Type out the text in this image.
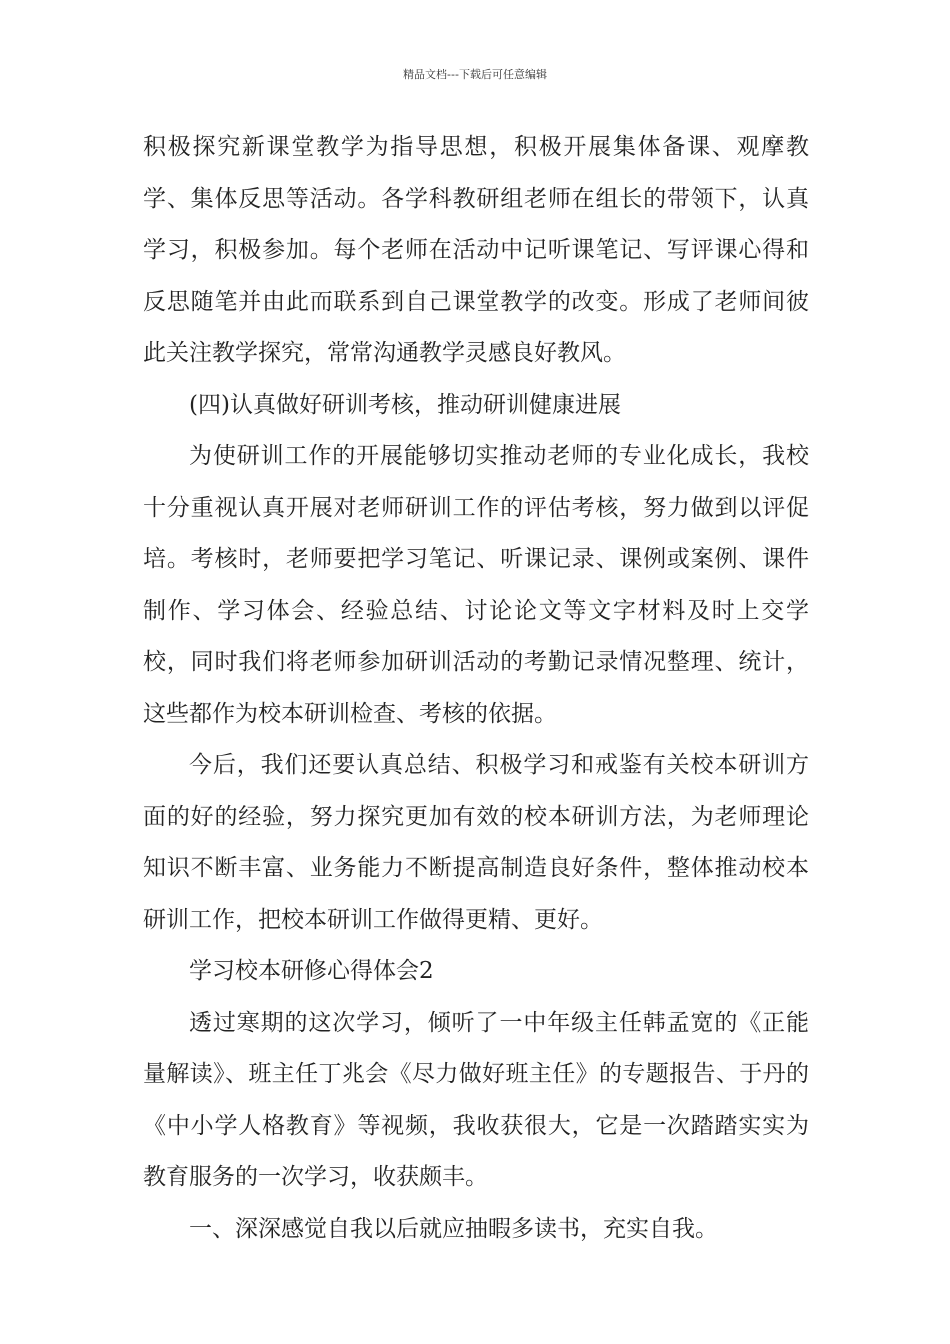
精品文档---下载后可任意编辑

积极探究新课堂教学为指导思想，积极开展集体备课、观摩教学、集体反思等活动。各学科教研组老师在组长的带领下，认真学习，积极参加。每个老师在活动中记听课笔记、写评课心得和反思随笔并由此而联系到自己课堂教学的改变。形成了老师间彼此关注教学探究，常常沟通教学灵感良好教风。

(四)认真做好研训考核，推动研训健康进展

为使研训工作的开展能够切实推动老师的专业化成长，我校十分重视认真开展对老师研训工作的评估考核，努力做到以评促培。考核时，老师要把学习笔记、听课记录、课例或案例、课件制作、学习体会、经验总结、讨论论文等文字材料及时上交学校，同时我们将老师参加研训活动的考勤记录情况整理、统计，这些都作为校本研训检查、考核的依据。

今后，我们还要认真总结、积极学习和戒鉴有关校本研训方面的好的经验，努力探究更加有效的校本研训方法，为老师理论知识不断丰富、业务能力不断提高制造良好条件，整体推动校本研训工作，把校本研训工作做得更精、更好。

学习校本研修心得体会2

透过寒期的这次学习，倾听了一中年级主任韩孟宽的《正能量解读》、班主任丁兆会《尽力做好班主任》的专题报告、于丹的《中小学人格教育》等视频，我收获很大，它是一次踏踏实实为教育服务的一次学习，收获颇丰。

一、深深感觉自我以后就应抽暇多读书，充实自我。
